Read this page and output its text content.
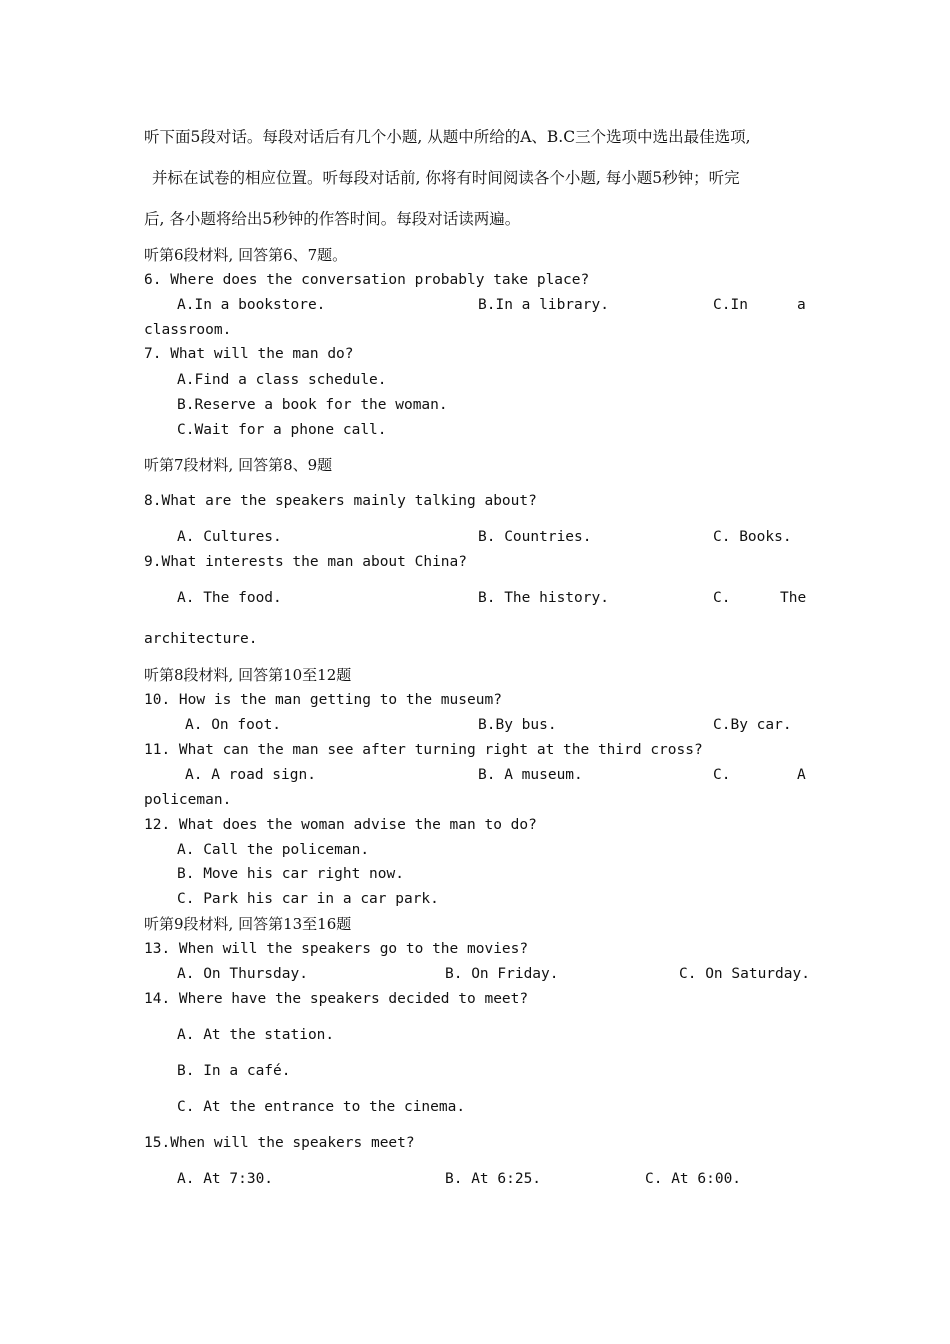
听下面5段对话。每段对话后有几个小题, 从题中所给的A、B.C三个选项中选出最佳选项,
并标在试卷的相应位置。听每段对话前, 你将有时间阅读各个小题, 每小题5秒钟；听完
后, 各小题将给出5秒钟的作答时间。每段对话读两遍。
听第6段材料, 回答第6、7题。
6. Where does the conversation probably take place?
A.In a bookstore.	B.In a library.	C.In	a
classroom.
7. What will the man do?
A.Find a class schedule.
B.Reserve a book for the woman.
C.Wait for a phone call.
听第7段材料, 回答第8、9题
8.What are the speakers mainly talking about?
A. Cultures.	B. Countries.	C. Books.
9.What interests the man about China?
A. The food.	B. The history.	C.	The
architecture.
听第8段材料, 回答第10至12题
10. How is the man getting to the museum?
A. On foot.	B.By bus.	C.By car.
11. What can the man see after turning right at the third cross?
A. A road sign.	B. A museum.	C.	A
policeman.
12. What does the woman advise the man to do?
A. Call the policeman.
B. Move his car right now.
C. Park his car in a car park.
听第9段材料, 回答第13至16题
13. When will the speakers go to the movies?
A. On Thursday.	B. On Friday.	C. On Saturday.
14. Where have the speakers decided to meet?
A. At the station.
B. In a café.
C. At the entrance to the cinema.
15.When will the speakers meet?
A. At 7:30.	B. At 6:25.	C. At 6:00.
